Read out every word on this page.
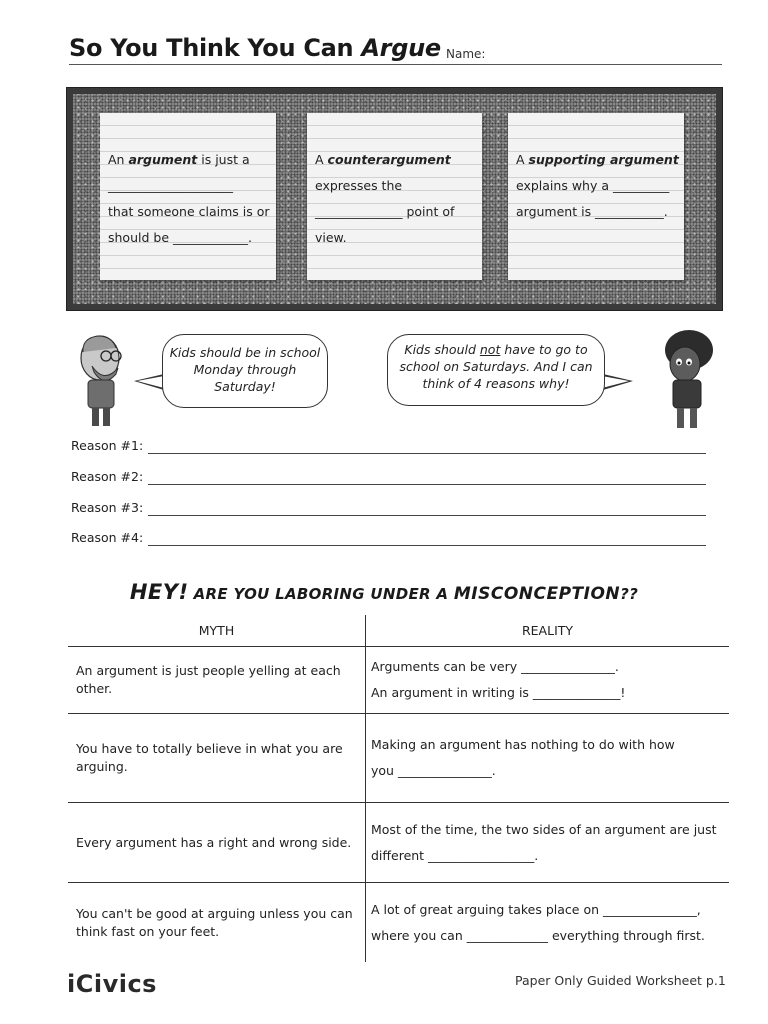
So You Think You Can Argue Name:
An argument is just a
____________________
that someone claims is or
should be ____________.
A counterargument
expresses the
______________ point of
view.
A supporting argument
explains why a _________
argument is ___________.
Kids should be in school Monday through Saturday!
Kids should not have to go to school on Saturdays. And I can think of 4 reasons why!
Reason #1:
Reason #2:
Reason #3:
Reason #4:
HEY! ARE YOU LABORING UNDER A MISCONCEPTION??
MYTH	REALITY
An argument is just people yelling at each other.	Arguments can be very _______________.
An argument in writing is ______________!

You have to totally believe in what you are arguing.	Making an argument has nothing to do with how
you _______________.

Every argument has a right and wrong side.	Most of the time, the two sides of an argument are just
different _________________.

You can't be good at arguing unless you can think fast on your feet.	A lot of great arguing takes place on _______________,
where you can _____________ everything through first.
iCivics	Paper Only Guided Worksheet p.1
